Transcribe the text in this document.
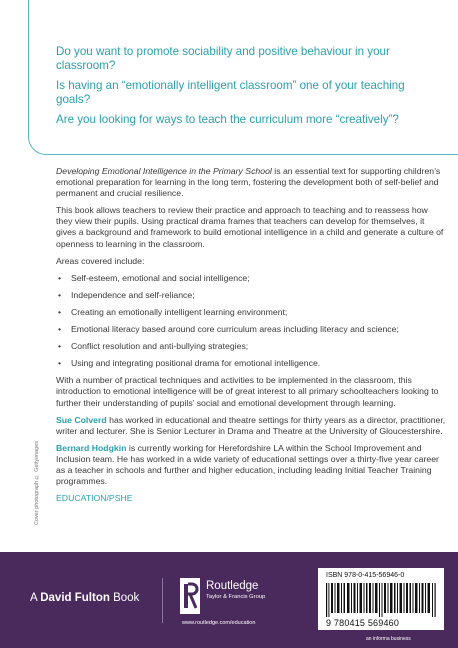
Do you want to promote sociability and positive behaviour in your classroom?

Is having an “emotionally intelligent classroom” one of your teaching goals?

Are you looking for ways to teach the curriculum more “creatively”?

Developing Emotional Intelligence in the Primary School is an essential text for supporting children’s emotional preparation for learning in the long term, fostering the development both of self-belief and permanent and crucial resilience.

This book allows teachers to review their practice and approach to teaching and to reassess how they view their pupils. Using practical drama frames that teachers can develop for themselves, it gives a background and framework to build emotional intelligence in a child and generate a culture of openness to learning in the classroom.

Areas covered include:

• Self-esteem, emotional and social intelligence;
• Independence and self-reliance;
• Creating an emotionally intelligent learning environment;
• Emotional literacy based around core curriculum areas including literacy and science;
• Conflict resolution and anti-bullying strategies;
• Using and integrating positional drama for emotional intelligence.

With a number of practical techniques and activities to be implemented in the classroom, this introduction to emotional intelligence will be of great interest to all primary schoolteachers looking to further their understanding of pupils’ social and emotional development through learning.

Sue Colverd has worked in educational and theatre settings for thirty years as a director, practitioner, writer and lecturer. She is Senior Lecturer in Drama and Theatre at the University of Gloucestershire.

Bernard Hodgkin is currently working for Herefordshire LA within the School Improvement and Inclusion team. He has worked in a wide variety of educational settings over a thirty-five year career as a teacher in schools and further and higher education, including leading Initial Teacher Training programmes.

EDUCATION/PSHE

Cover photograph © Gettyimages
A David Fulton Book
Routledge
Taylor & Francis Group
www.routledge.com/education
ISBN 978-0-415-56946-0
9 780415 569460
an informa business
